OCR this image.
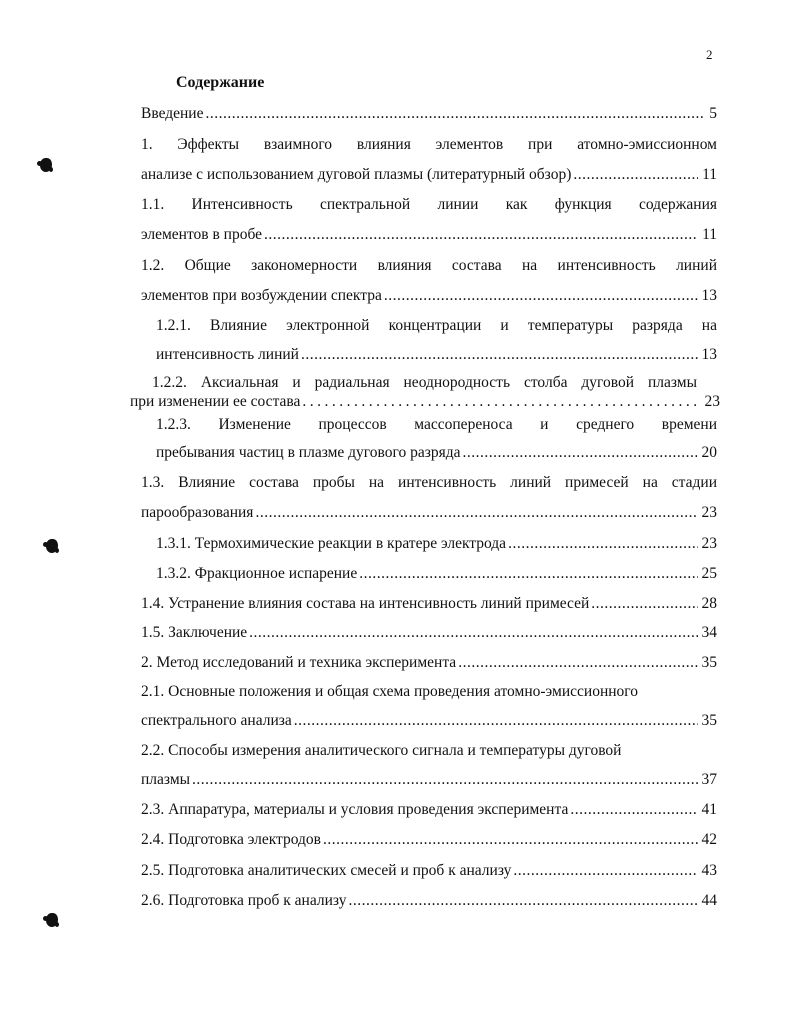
2
Содержание
Введение .....	5
1. Эффекты взаимного влияния элементов при атомно-эмиссионном
анализе с использованием дуговой плазмы (литературный обзор) .....	11
1.1. Интенсивность спектральной линии как функция содержания
элементов в пробе .....	11
1.2. Общие закономерности влияния состава на интенсивность линий
элементов при возбуждении спектра .....	13
1.2.1. Влияние электронной концентрации и температуры разряда на
интенсивность линий .....	13
1.2.2. Аксиальная и радиальная неоднородность столба дуговой плазмы
при изменении ее состава .....	23
1.2.3. Изменение процессов массопереноса и среднего времени
пребывания частиц в плазме дугового разряда .....	20
1.3. Влияние состава пробы на интенсивность линий примесей на стадии
парообразования .....	23
1.3.1. Термохимические реакции в кратере электрода .....	23
1.3.2. Фракционное испарение .....	25
1.4. Устранение влияния состава на интенсивность линий примесей .....	28
1.5. Заключение .....	34
2. Метод исследований и техника эксперимента .....	35
2.1. Основные положения и общая схема проведения атомно-эмиссионного
спектрального анализа .....	35
2.2. Способы измерения аналитического сигнала и температуры дуговой
плазмы .....	37
2.3. Аппаратура, материалы и условия проведения эксперимента .....	41
2.4. Подготовка электродов .....	42
2.5. Подготовка аналитических смесей и проб к анализу .....	43
2.6. Подготовка проб к анализу .....	44
